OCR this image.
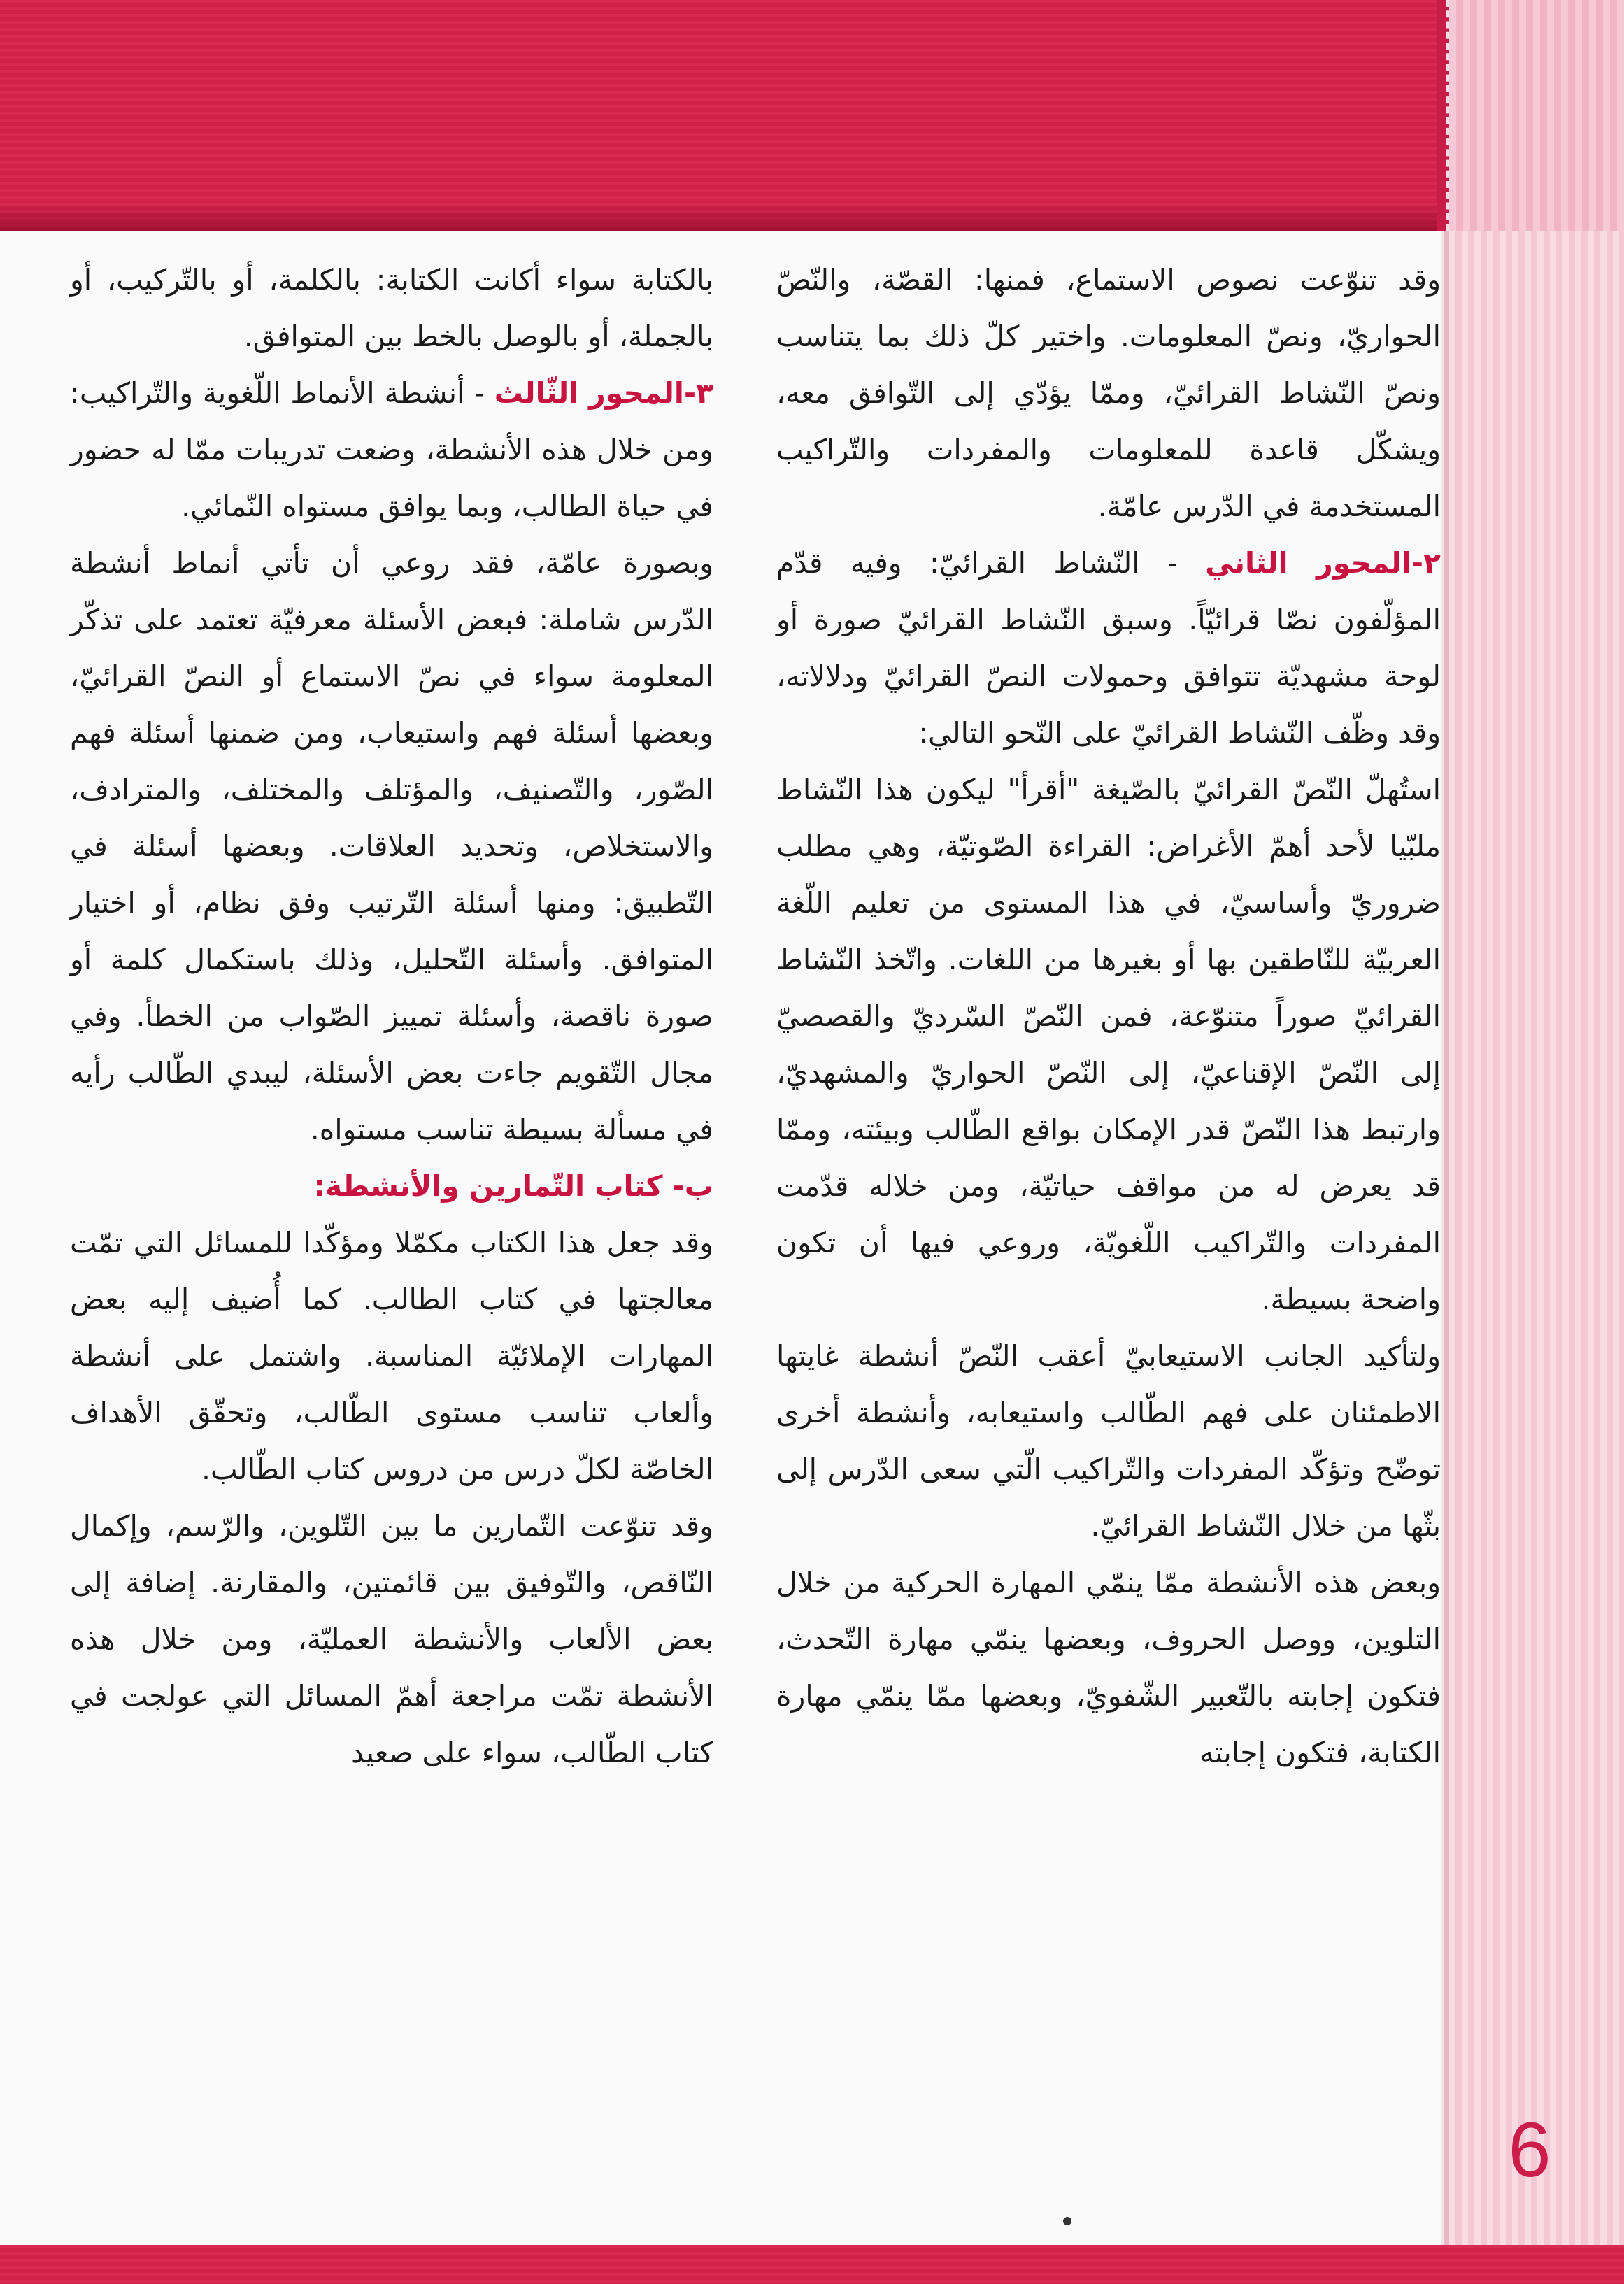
وقد تنوّعت نصوص الاستماع، فمنها: القصّة، والنّصّ الحواريّ، ونصّ المعلومات. واختير كلّ ذلك بما يتناسب ونصّ النّشاط القرائيّ، وممّا يؤدّي إلى التّوافق معه، ويشكّل قاعدة للمعلومات والمفردات والتّراكيب المستخدمة في الدّرس عامّة.

٢-المحور الثاني - النّشاط القرائيّ: وفيه قدّم المؤلّفون نصّا قرائيّاً. وسبق النّشاط القرائيّ صورة أو لوحة مشهديّة تتوافق وحمولات النصّ القرائيّ ودلالاته، وقد وظّف النّشاط القرائيّ على النّحو التالي:

استُهلّ النّصّ القرائيّ بالصّيغة "أقرأ" ليكون هذا النّشاط ملبّيا لأحد أهمّ الأغراض: القراءة الصّوتيّة، وهي مطلب ضروريّ وأساسيّ، في هذا المستوى من تعليم اللّغة العربيّة للنّاطقين بها أو بغيرها من اللغات. واتّخذ النّشاط القرائيّ صوراً متنوّعة، فمن النّصّ السّرديّ والقصصيّ إلى النّصّ الإقناعيّ، إلى النّصّ الحواريّ والمشهديّ، وارتبط هذا النّصّ قدر الإمكان بواقع الطّالب وبيئته، وممّا قد يعرض له من مواقف حياتيّة، ومن خلاله قدّمت المفردات والتّراكيب اللّغويّة، وروعي فيها أن تكون واضحة بسيطة.

ولتأكيد الجانب الاستيعابيّ أعقب النّصّ أنشطة غايتها الاطمئنان على فهم الطّالب واستيعابه، وأنشطة أخرى توضّح وتؤكّد المفردات والتّراكيب الّتي سعى الدّرس إلى بثّها من خلال النّشاط القرائيّ.

وبعض هذه الأنشطة ممّا ينمّي المهارة الحركية من خلال التلوين، ووصل الحروف، وبعضها ينمّي مهارة التّحدث، فتكون إجابته بالتّعبير الشّفويّ، وبعضها ممّا ينمّي مهارة الكتابة، فتكون إجابته

بالكتابة سواء أكانت الكتابة: بالكلمة، أو بالتّركيب، أو بالجملة، أو بالوصل بالخط بين المتوافق.

٣-المحور الثّالث - أنشطة الأنماط اللّغوية والتّراكيب: ومن خلال هذه الأنشطة، وضعت تدريبات ممّا له حضور في حياة الطالب، وبما يوافق مستواه النّمائي.

وبصورة عامّة، فقد روعي أن تأتي أنماط أنشطة الدّرس شاملة: فبعض الأسئلة معرفيّة تعتمد على تذكّر المعلومة سواء في نصّ الاستماع أو النصّ القرائيّ، وبعضها أسئلة فهم واستيعاب، ومن ضمنها أسئلة فهم الصّور، والتّصنيف، والمؤتلف والمختلف، والمترادف، والاستخلاص، وتحديد العلاقات. وبعضها أسئلة في التّطبيق: ومنها أسئلة التّرتيب وفق نظام، أو اختيار المتوافق. وأسئلة التّحليل، وذلك باستكمال كلمة أو صورة ناقصة، وأسئلة تمييز الصّواب من الخطأ. وفي مجال التّقويم جاءت بعض الأسئلة، ليبدي الطّالب رأيه في مسألة بسيطة تناسب مستواه.

ب- كتاب التّمارين والأنشطة:

وقد جعل هذا الكتاب مكمّلا ومؤكّدا للمسائل التي تمّت معالجتها في كتاب الطالب. كما أُضيف إليه بعض المهارات الإملائيّة المناسبة. واشتمل على أنشطة وألعاب تناسب مستوى الطّالب، وتحقّق الأهداف الخاصّة لكلّ درس من دروس كتاب الطّالب.

وقد تنوّعت التّمارين ما بين التّلوين، والرّسم، وإكمال النّاقص، والتّوفيق بين قائمتين، والمقارنة. إضافة إلى بعض الألعاب والأنشطة العمليّة، ومن خلال هذه الأنشطة تمّت مراجعة أهمّ المسائل التي عولجت في كتاب الطّالب، سواء على صعيد

6
